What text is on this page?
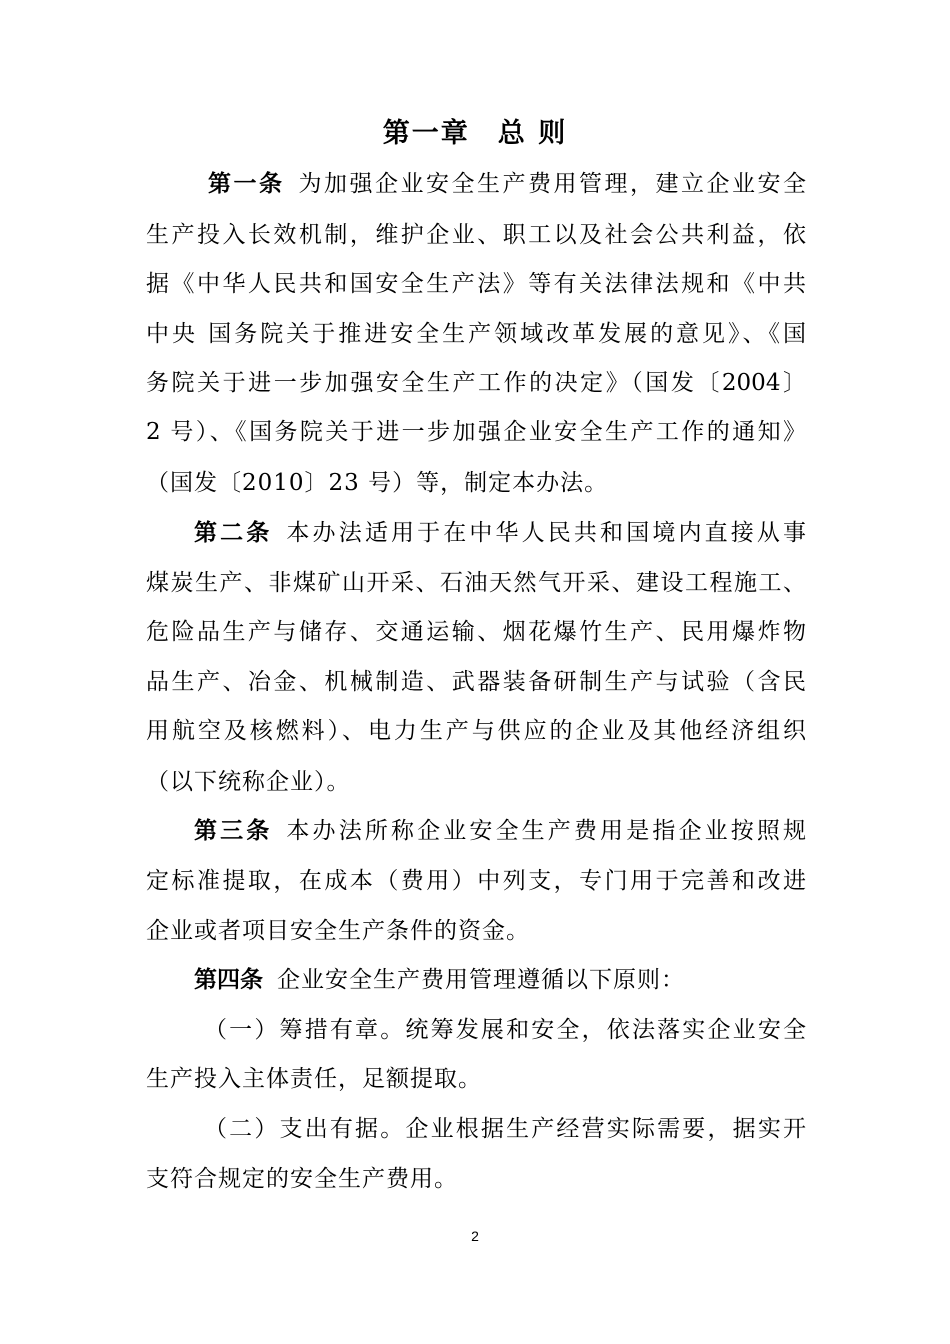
第一章 总 则
第一条 为加强企业安全生产费用管理，建立企业安全
生产投入长效机制，维护企业、职工以及社会公共利益，依
据《中华人民共和国安全生产法》等有关法律法规和《中共
中央 国务院关于推进安全生产领域改革发展的意见》、《国
务院关于进一步加强安全生产工作的决定》（国发〔2004〕
2 号）、《国务院关于进一步加强企业安全生产工作的通知》
（国发〔2010〕23 号）等，制定本办法。
第二条 本办法适用于在中华人民共和国境内直接从事
煤炭生产、非煤矿山开采、石油天然气开采、建设工程施工、
危险品生产与储存、交通运输、烟花爆竹生产、民用爆炸物
品生产、冶金、机械制造、武器装备研制生产与试验（含民
用航空及核燃料）、电力生产与供应的企业及其他经济组织
（以下统称企业）。
第三条 本办法所称企业安全生产费用是指企业按照规
定标准提取，在成本（费用）中列支，专门用于完善和改进
企业或者项目安全生产条件的资金。
第四条 企业安全生产费用管理遵循以下原则：
（一）筹措有章。统筹发展和安全，依法落实企业安全
生产投入主体责任，足额提取。
（二）支出有据。企业根据生产经营实际需要，据实开
支符合规定的安全生产费用。
2
